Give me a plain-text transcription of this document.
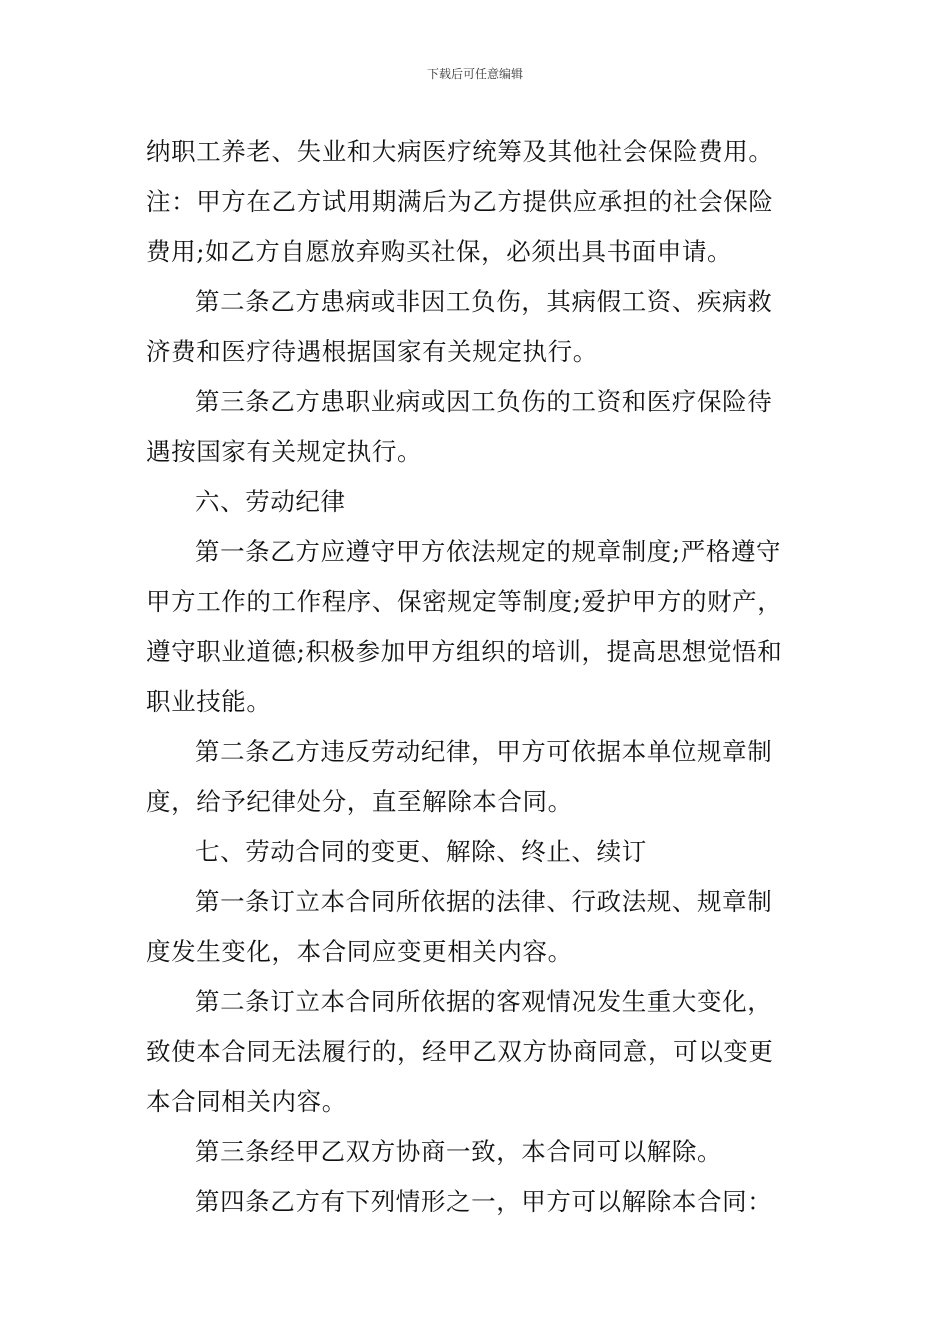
下载后可任意编辑

纳职工养老、失业和大病医疗统筹及其他社会保险费用。

注：甲方在乙方试用期满后为乙方提供应承担的社会保险
费用;如乙方自愿放弃购买社保，必须出具书面申请。

第二条乙方患病或非因工负伤，其病假工资、疾病救
济费和医疗待遇根据国家有关规定执行。

第三条乙方患职业病或因工负伤的工资和医疗保险待
遇按国家有关规定执行。

六、劳动纪律

第一条乙方应遵守甲方依法规定的规章制度;严格遵守
甲方工作的工作程序、保密规定等制度;爱护甲方的财产，
遵守职业道德;积极参加甲方组织的培训，提高思想觉悟和
职业技能。

第二条乙方违反劳动纪律，甲方可依据本单位规章制
度，给予纪律处分，直至解除本合同。

七、劳动合同的变更、解除、终止、续订

第一条订立本合同所依据的法律、行政法规、规章制
度发生变化，本合同应变更相关内容。

第二条订立本合同所依据的客观情况发生重大变化，
致使本合同无法履行的，经甲乙双方协商同意，可以变更
本合同相关内容。

第三条经甲乙双方协商一致，本合同可以解除。

第四条乙方有下列情形之一，甲方可以解除本合同：
